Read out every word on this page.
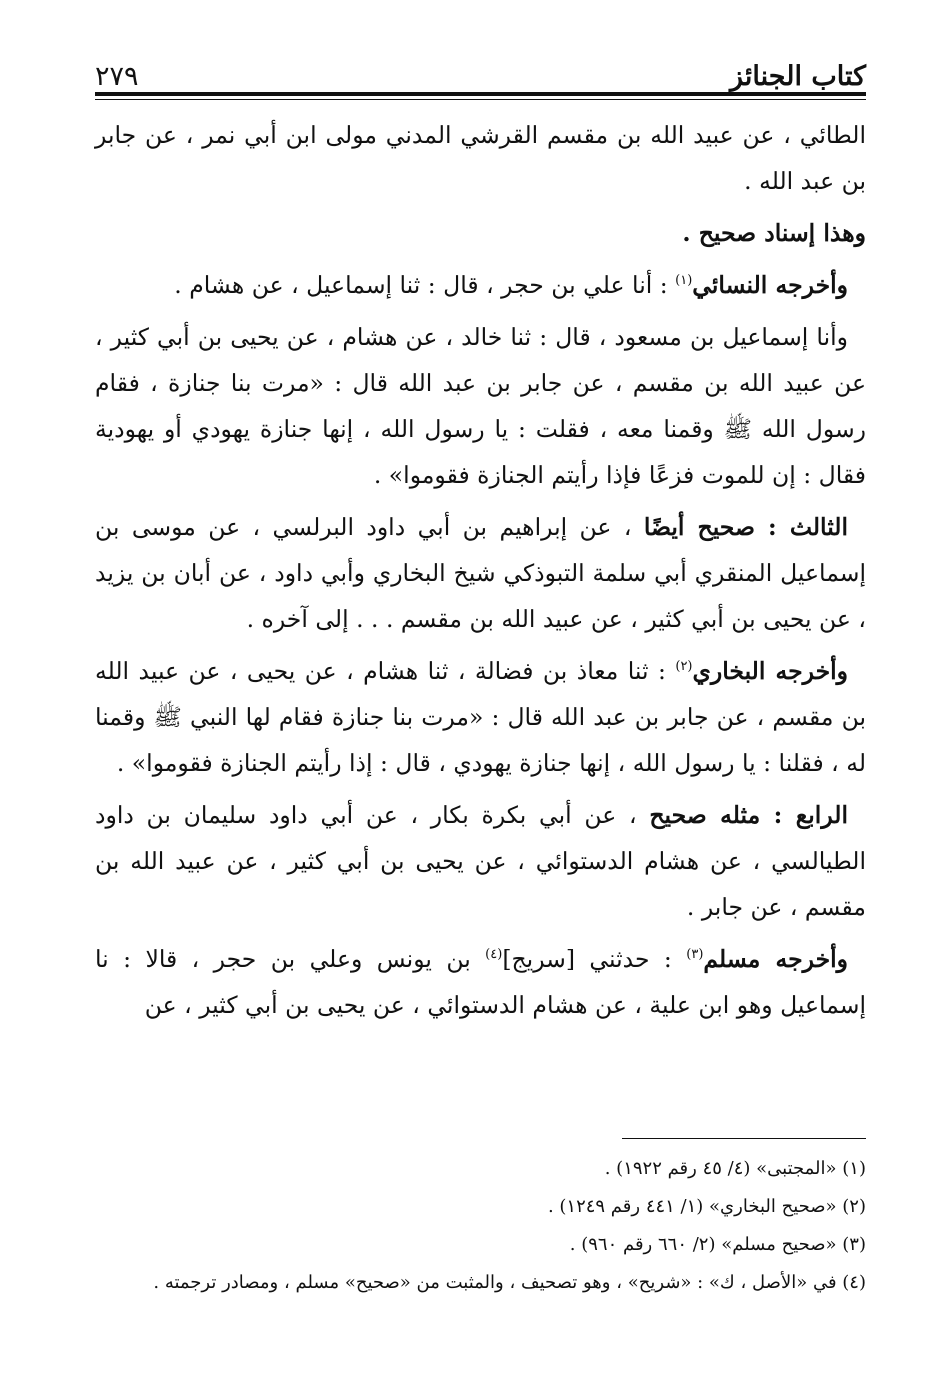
٢٧٩	كتاب الجنائز

الطائي ، عن عبيد الله بن مقسم القرشي المدني مولى ابن أبي نمر ، عن جابر بن عبد الله .

وهذا إسناد صحيح .

وأخرجه النسائي$^{(١)}$ : أنا علي بن حجر ، قال : ثنا إسماعيل ، عن هشام .

وأنا إسماعيل بن مسعود ، قال : ثنا خالد ، عن هشام ، عن يحيى بن أبي كثير ، عن عبيد الله بن مقسم ، عن جابر بن عبد الله قال : «مرت بنا جنازة ، فقام رسول الله ﷺ وقمنا معه ، فقلت : يا رسول الله ، إنها جنازة يهودي أو يهودية فقال : إن للموت فزعًا فإذا رأيتم الجنازة فقوموا» .

الثالث : صحيح أيضًا ، عن إبراهيم بن أبي داود البرلسي ، عن موسى بن إسماعيل المنقري أبي سلمة التبوذكي شيخ البخاري وأبي داود ، عن أبان بن يزيد ، عن يحيى بن أبي كثير ، عن عبيد الله بن مقسم . . . إلى آخره .

وأخرجه البخاري$^{(٢)}$ : ثنا معاذ بن فضالة ، ثنا هشام ، عن يحيى ، عن عبيد الله بن مقسم ، عن جابر بن عبد الله قال : «مرت بنا جنازة فقام لها النبي ﷺ وقمنا له ، فقلنا : يا رسول الله ، إنها جنازة يهودي ، قال : إذا رأيتم الجنازة فقوموا» .

الرابع : مثله صحيح ، عن أبي بكرة بكار ، عن أبي داود سليمان بن داود الطيالسي ، عن هشام الدستوائي ، عن يحيى بن أبي كثير ، عن عبيد الله بن مقسم ، عن جابر .

وأخرجه مسلم$^{(٣)}$ : حدثني [سريج]$^{(٤)}$ بن يونس وعلي بن حجر ، قالا : نا إسماعيل وهو ابن علية ، عن هشام الدستوائي ، عن يحيى بن أبي كثير ، عن

(١) «المجتبى» (٤/ ٤٥ رقم ١٩٢٢) .

(٢) «صحيح البخاري» (١/ ٤٤١ رقم ١٢٤٩) .

(٣) «صحيح مسلم» (٢/ ٦٦٠ رقم ٩٦٠) .

(٤) في «الأصل ، ك» : «شريح» ، وهو تصحيف ، والمثبت من «صحيح» مسلم ، ومصادر ترجمته .
